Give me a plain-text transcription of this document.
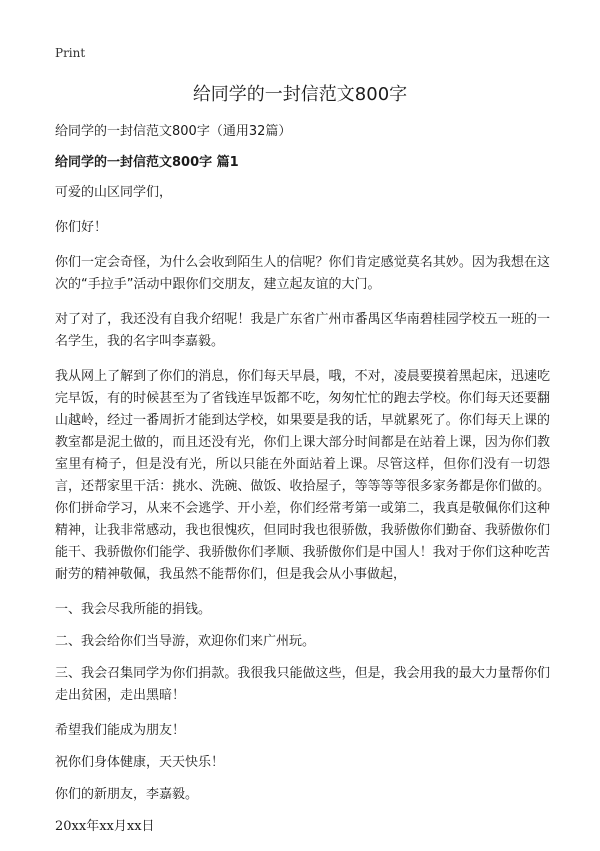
Print
给同学的一封信范文800字

给同学的一封信范文800字（通用32篇）

给同学的一封信范文800字 篇1

可爱的山区同学们，

你们好！

你们一定会奇怪，为什么会收到陌生人的信呢？你们肯定感觉莫名其妙。因为我想在这次的“手拉手”活动中跟你们交朋友，建立起友谊的大门。

对了对了，我还没有自我介绍呢！我是广东省广州市番禺区华南碧桂园学校五一班的一名学生，我的名字叫李嘉毅。

我从网上了解到了你们的消息，你们每天早晨，哦，不对，凌晨要摸着黑起床，迅速吃完早饭，有的时候甚至为了省钱连早饭都不吃，匆匆忙忙的跑去学校。你们每天还要翻山越岭，经过一番周折才能到达学校，如果要是我的话，早就累死了。你们每天上课的教室都是泥土做的，而且还没有光，你们上课大部分时间都是在站着上课，因为你们教室里有椅子，但是没有光，所以只能在外面站着上课。尽管这样，但你们没有一切怨言，还帮家里干活：挑水、洗碗、做饭、收拾屋子，等等等等很多家务都是你们做的。你们拼命学习，从来不会逃学、开小差，你们经常考第一或第二，我真是敬佩你们这种精神，让我非常感动，我也很愧疚，但同时我也很骄傲，我骄傲你们勤奋、我骄傲你们能干、我骄傲你们能学、我骄傲你们孝顺、我骄傲你们是中国人！我对于你们这种吃苦耐劳的精神敬佩，我虽然不能帮你们，但是我会从小事做起，

一、我会尽我所能的捐钱。

二、我会给你们当导游，欢迎你们来广州玩。

三、我会召集同学为你们捐款。我很我只能做这些，但是，我会用我的最大力量帮你们走出贫困，走出黑暗！

希望我们能成为朋友！

祝你们身体健康，天天快乐！

你们的新朋友，李嘉毅。

20xx年xx月xx日
